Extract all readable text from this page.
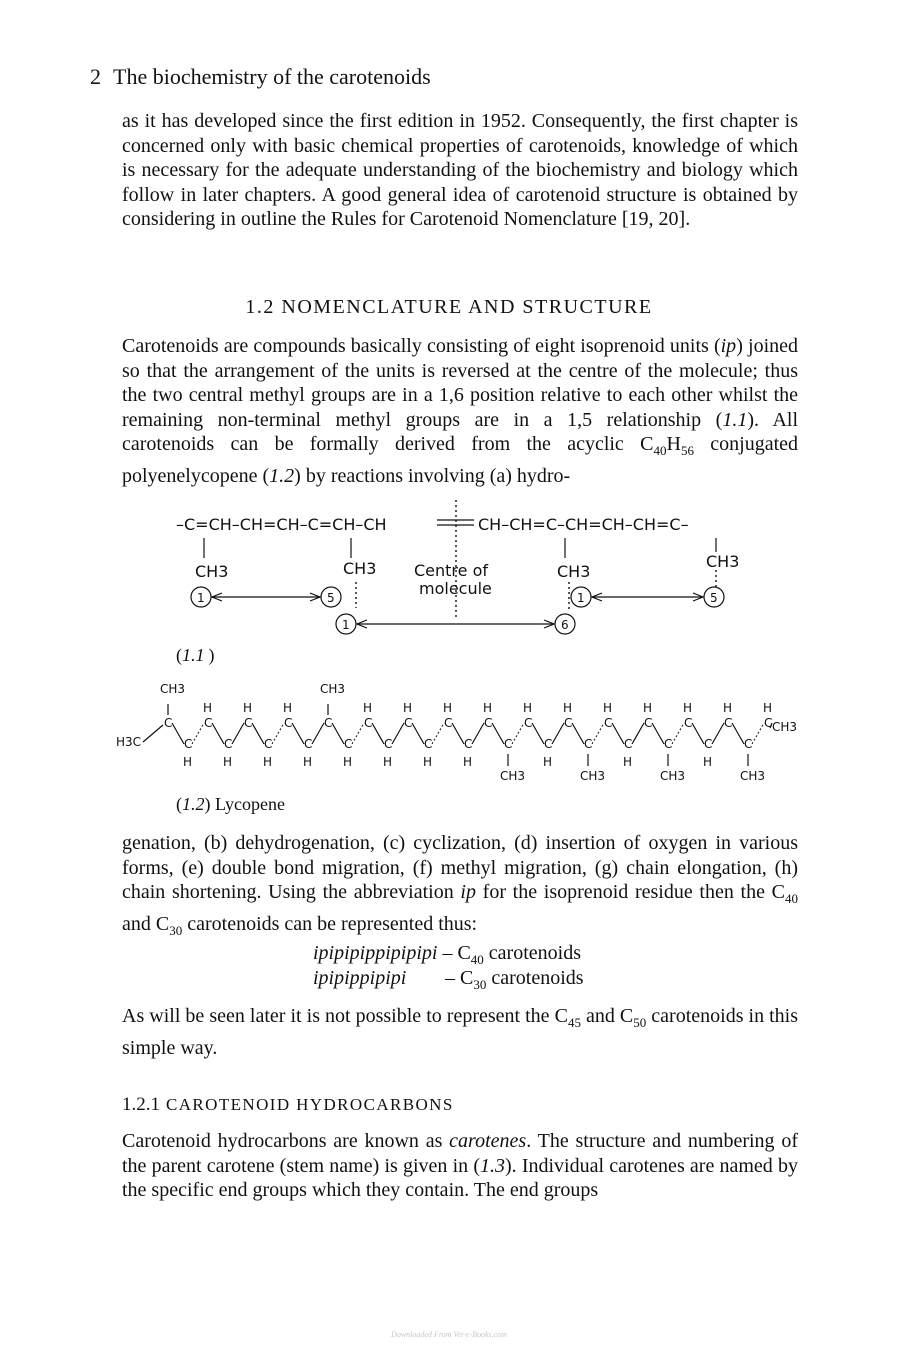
2 The biochemistry of the carotenoids

as it has developed since the first edition in 1952. Consequently, the first chapter is concerned only with basic chemical properties of carotenoids, knowledge of which is necessary for the adequate understanding of the biochemistry and biology which follow in later chapters. A good general idea of carotenoid structure is obtained by considering in outline the Rules for Carotenoid Nomenclature [19, 20].

1.2 NOMENCLATURE AND STRUCTURE

Carotenoids are compounds basically consisting of eight isoprenoid units (ip) joined so that the arrangement of the units is reversed at the centre of the molecule; thus the two central methyl groups are in a 1,6 position relative to each other whilst the remaining non-terminal methyl groups are in a 1,5 relationship (1.1). All carotenoids can be formally derived from the acyclic $C_{40}H_{56}$ conjugated polyenelycopene (1.2) by reactions involving (a) hydro-

–C=CH–CH=CH–C=CH–CH	CH–CH=C–CH=CH–CH=C–
CH3	CH3	CH3
CH3
Centre of
molecule
1	5
1	6
1	5
H3C
CH3
C
CH3
C
H
C
H
C
H
C
H
C
H
C
H
C
H
C
CH3
C
H
C
H
C
H
C
H
C
H
C
H
C
H
C
H
C
CH3
C
H
C
H
C
H
C
CH3
C
H
C
H
C
H
C
CH3
C
H
C
H
C
H
C
CH3
C
H
(1.1 )
(1.2) Lycopene

genation, (b) dehydrogenation, (c) cyclization, (d) insertion of oxygen in various forms, (e) double bond migration, (f) methyl migration, (g) chain elongation, (h) chain shortening. Using the abbreviation ip for the isoprenoid residue then the $C_{40}$ and $C_{30}$ carotenoids can be represented thus:

ipipipippipipipi – $C_{40}$ carotenoids
ipipippipipi – $C_{30}$ carotenoids

As will be seen later it is not possible to represent the $C_{45}$ and $C_{50}$ carotenoids in this simple way.

1.2.1 CAROTENOID HYDROCARBONS

Carotenoid hydrocarbons are known as carotenes. The structure and numbering of the parent carotene (stem name) is given in (1.3). Individual carotenes are named by the specific end groups which they contain. The end groups

Downloaded From Vet-e-Books.com
